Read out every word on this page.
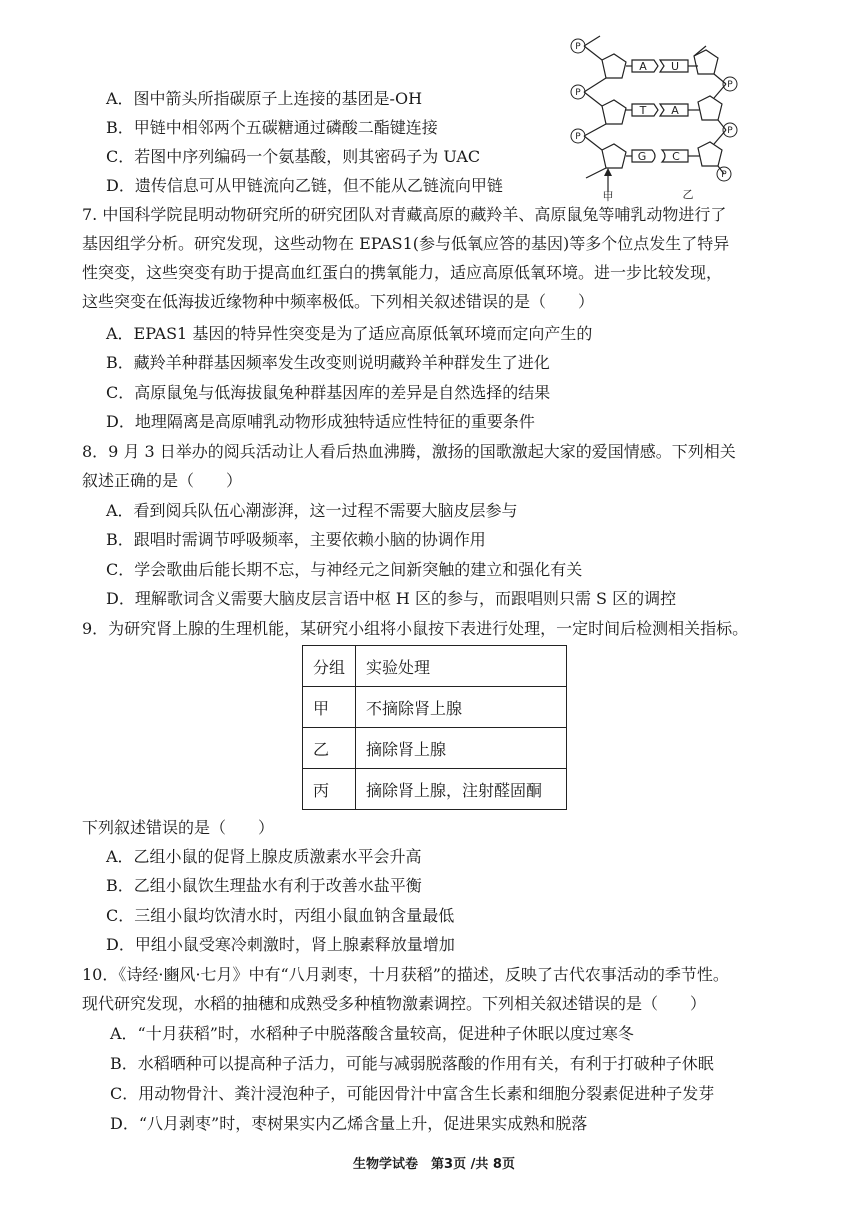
A．图中箭头所指碳原子上连接的基团是-OH
B．甲链中相邻两个五碳糖通过磷酸二酯键连接
C．若图中序列编码一个氨基酸，则其密码子为 UAC
D．遗传信息可从甲链流向乙链，但不能从乙链流向甲链
P
P
P
P
P
P
A U
T A
G C
甲	乙
7. 中国科学院昆明动物研究所的研究团队对青藏高原的藏羚羊、高原鼠兔等哺乳动物进行了
基因组学分析。研究发现，这些动物在 EPAS1(参与低氧应答的基因)等多个位点发生了特异
性突变，这些突变有助于提高血红蛋白的携氧能力，适应高原低氧环境。进一步比较发现，
这些突变在低海拔近缘物种中频率极低。下列相关叙述错误的是（　　）
A．EPAS1 基因的特异性突变是为了适应高原低氧环境而定向产生的
B．藏羚羊种群基因频率发生改变则说明藏羚羊种群发生了进化
C．高原鼠兔与低海拔鼠兔种群基因库的差异是自然选择的结果
D．地理隔离是高原哺乳动物形成独特适应性特征的重要条件
8．9 月 3 日举办的阅兵活动让人看后热血沸腾，激扬的国歌激起大家的爱国情感。下列相关
叙述正确的是（　　）
A．看到阅兵队伍心潮澎湃，这一过程不需要大脑皮层参与
B．跟唱时需调节呼吸频率，主要依赖小脑的协调作用
C．学会歌曲后能长期不忘，与神经元之间新突触的建立和强化有关
D．理解歌词含义需要大脑皮层言语中枢 H 区的参与，而跟唱则只需 S 区的调控
9．为研究肾上腺的生理机能，某研究小组将小鼠按下表进行处理，一定时间后检测相关指标。
分组	实验处理
甲	不摘除肾上腺
乙	摘除肾上腺
丙	摘除肾上腺，注射醛固酮
下列叙述错误的是（　　）
A．乙组小鼠的促肾上腺皮质激素水平会升高
B．乙组小鼠饮生理盐水有利于改善水盐平衡
C．三组小鼠均饮清水时，丙组小鼠血钠含量最低
D．甲组小鼠受寒冷刺激时，肾上腺素释放量增加
10．《诗经·豳风·七月》中有“八月剥枣，十月获稻”的描述，反映了古代农事活动的季节性。
现代研究发现，水稻的抽穗和成熟受多种植物激素调控。下列相关叙述错误的是（　　）
A．“十月获稻”时，水稻种子中脱落酸含量较高，促进种子休眠以度过寒冬
B．水稻晒种可以提高种子活力，可能与减弱脱落酸的作用有关，有利于打破种子休眠
C．用动物骨汁、粪汁浸泡种子，可能因骨汁中富含生长素和细胞分裂素促进种子发芽
D．“八月剥枣”时，枣树果实内乙烯含量上升，促进果实成熟和脱落
生物学试卷　第3页 /共 8页
